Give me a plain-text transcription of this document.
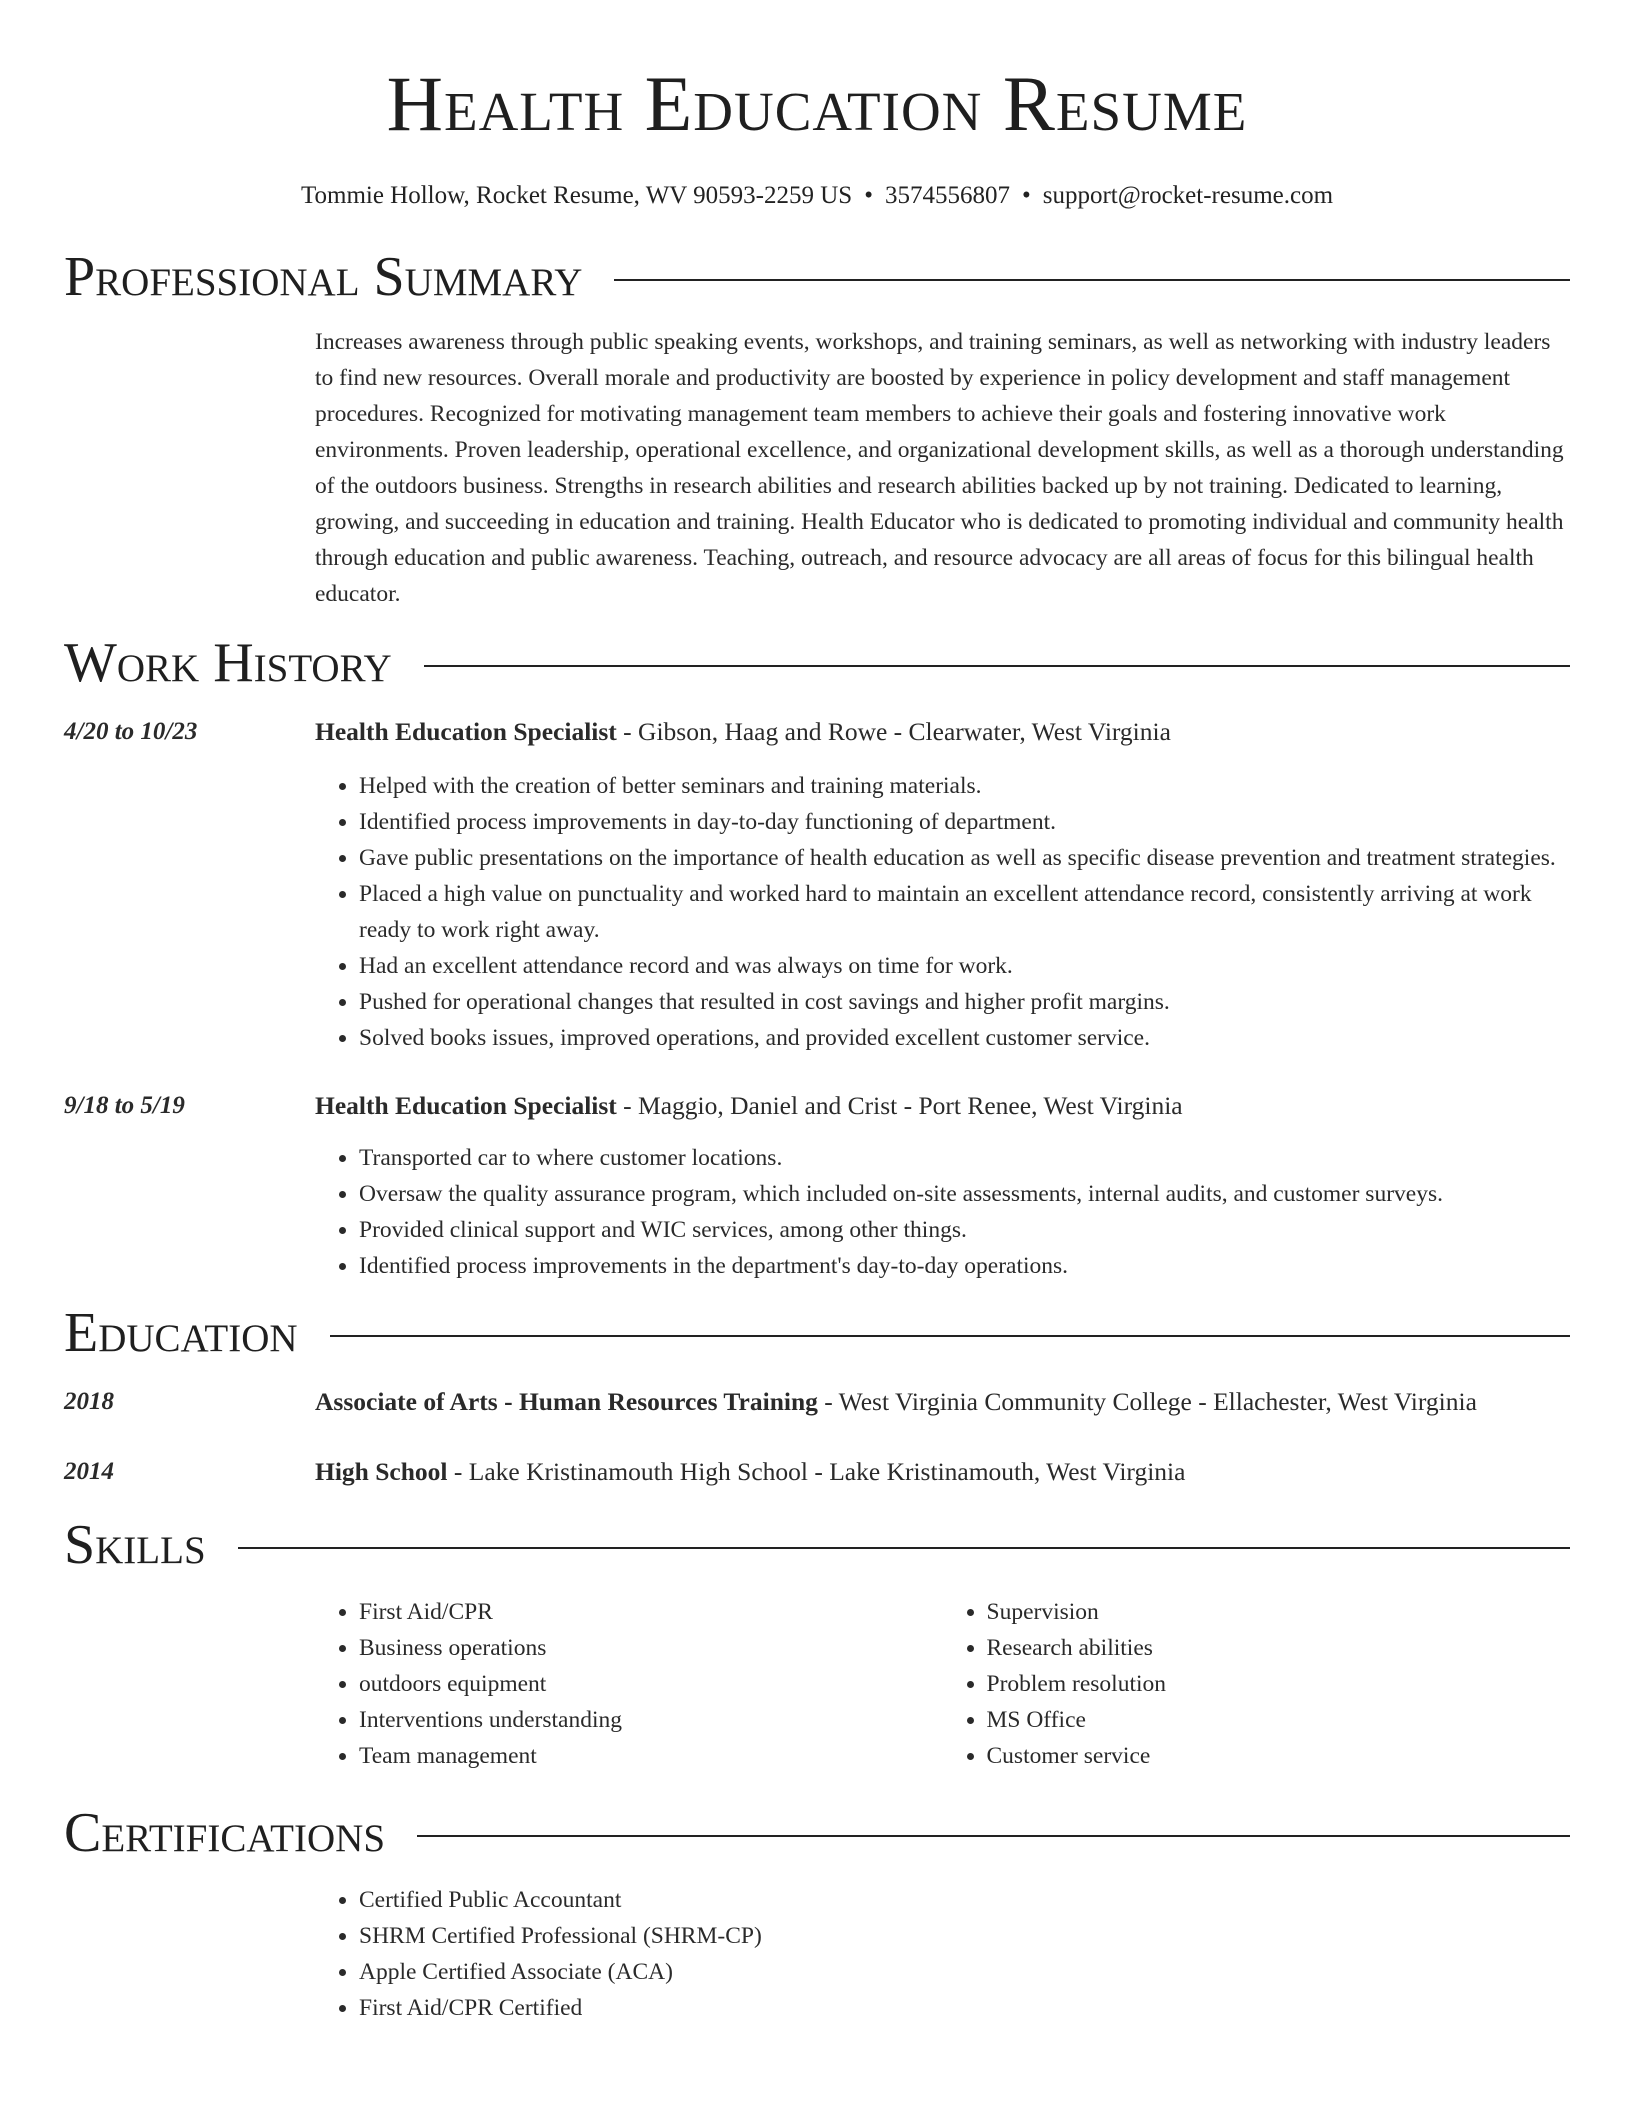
Health Education Resume
Tommie Hollow, Rocket Resume, WV 90593-2259 US • 3574556807 • support@rocket-resume.com
Professional Summary

Increases awareness through public speaking events, workshops, and training seminars, as well as networking with industry leaders to find new resources. Overall morale and productivity are boosted by experience in policy development and staff management procedures. Recognized for motivating management team members to achieve their goals and fostering innovative work environments. Proven leadership, operational excellence, and organizational development skills, as well as a thorough understanding of the outdoors business. Strengths in research abilities and research abilities backed up by not training. Dedicated to learning, growing, and succeeding in education and training. Health Educator who is dedicated to promoting individual and community health through education and public awareness. Teaching, outreach, and resource advocacy are all areas of focus for this bilingual health educator.

Work History
4/20 to 10/23	Health Education Specialist - Gibson, Haag and Rowe - Clearwater, West Virginia
• Helped with the creation of better seminars and training materials.
• Identified process improvements in day-to-day functioning of department.
• Gave public presentations on the importance of health education as well as specific disease prevention and treatment strategies.
• Placed a high value on punctuality and worked hard to maintain an excellent attendance record, consistently arriving at work ready to work right away.
• Had an excellent attendance record and was always on time for work.
• Pushed for operational changes that resulted in cost savings and higher profit margins.
• Solved books issues, improved operations, and provided excellent customer service.
9/18 to 5/19	Health Education Specialist - Maggio, Daniel and Crist - Port Renee, West Virginia
• Transported car to where customer locations.
• Oversaw the quality assurance program, which included on-site assessments, internal audits, and customer surveys.
• Provided clinical support and WIC services, among other things.
• Identified process improvements in the department's day-to-day operations.
Education
2018	Associate of Arts - Human Resources Training - West Virginia Community College - Ellachester, West Virginia
2014	High School - Lake Kristinamouth High School - Lake Kristinamouth, West Virginia
Skills
• First Aid/CPR
• Business operations
• outdoors equipment
• Interventions understanding
• Team management
• Supervision
• Research abilities
• Problem resolution
• MS Office
• Customer service
Certifications
• Certified Public Accountant
• SHRM Certified Professional (SHRM-CP)
• Apple Certified Associate (ACA)
• First Aid/CPR Certified
